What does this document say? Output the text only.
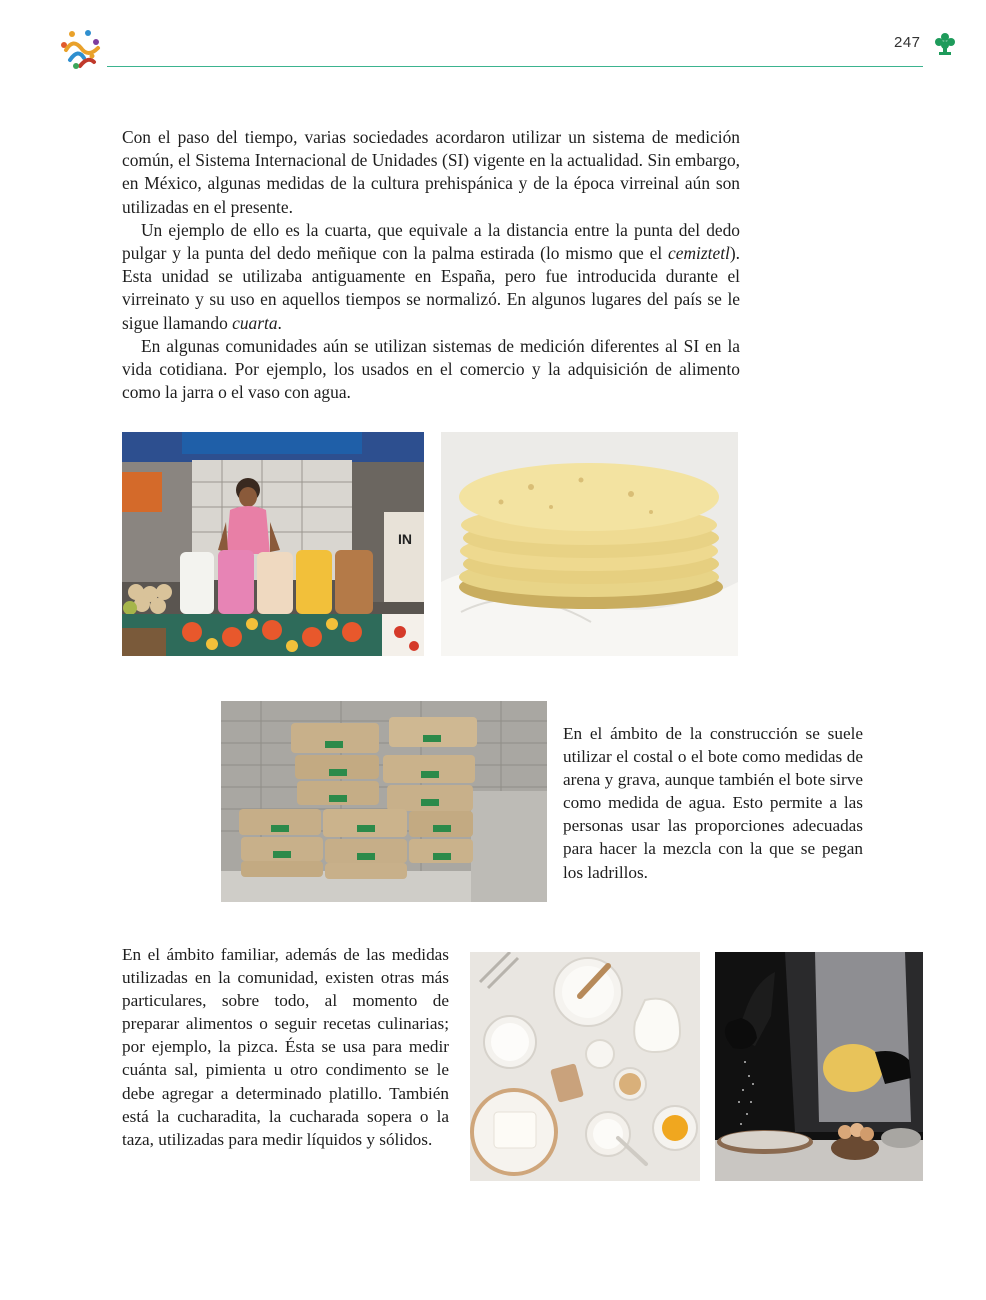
247

Con el paso del tiempo, varias sociedades acordaron utilizar un sistema de medición común, el Sistema Internacional de Unidades (SI) vigente en la actualidad. Sin embargo, en México, algunas medidas de la cultura prehispánica y de la época virreinal aún son utilizadas en el presente.

Un ejemplo de ello es la cuarta, que equivale a la distancia entre la punta del dedo pulgar y la punta del dedo meñique con la palma estirada (lo mismo que el cemiztetl). Esta unidad se utilizaba antiguamente en España, pero fue introducida durante el virreinato y su uso en aquellos tiempos se normalizó. En algunos lugares del país se le sigue llamando cuarta.

En algunas comunidades aún se utilizan sistemas de medición diferentes al SI en la vida cotidiana. Por ejemplo, los usados en el comercio y la adquisición de alimento como la jarra o el vaso con agua.

IN

En el ámbito de la construcción se suele utilizar el costal o el bote como medidas de arena y grava, aunque también el bote sirve como medida de agua. Esto permite a las personas usar las proporciones adecuadas para hacer la mezcla con la que se pegan los ladrillos.

En el ámbito familiar, además de las medidas utilizadas en la comunidad, existen otras más particulares, sobre todo, al momento de preparar alimentos o seguir recetas culinarias; por ejemplo, la pizca. Ésta se usa para medir cuánta sal, pimienta u otro condimento se le debe agregar a determinado platillo. También está la cucharadita, la cucharada sopera o la taza, utilizadas para medir líquidos y sólidos.
